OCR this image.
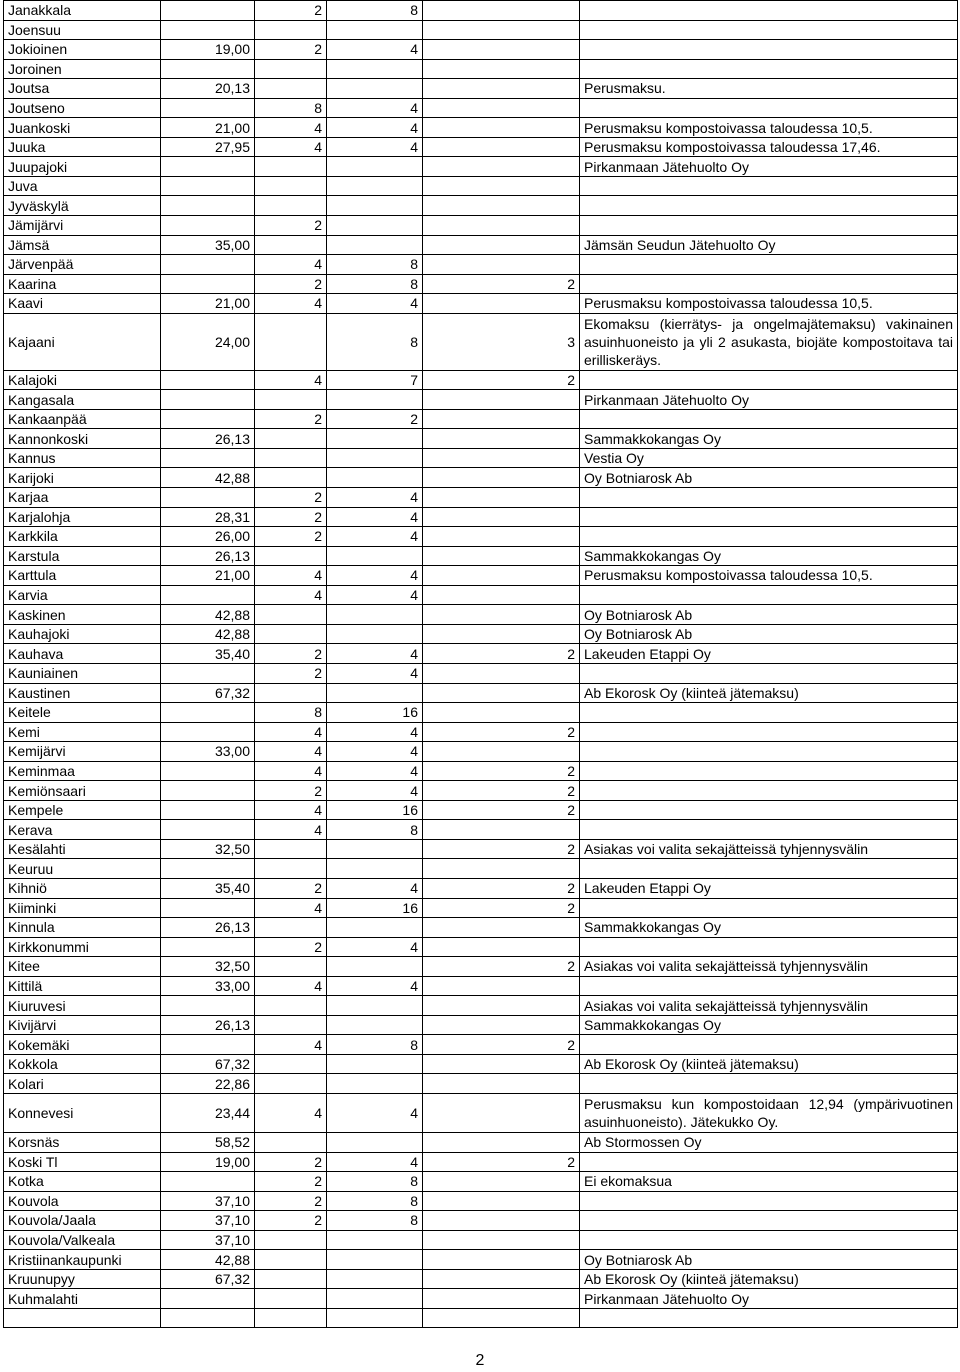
Janakkala		2	8		
Joensuu					
Jokioinen	19,00	2	4		
Joroinen					
Joutsa	20,13				Perusmaksu.
Joutseno		8	4		
Juankoski	21,00	4	4		Perusmaksu kompostoivassa taloudessa 10,5.
Juuka	27,95	4	4		Perusmaksu kompostoivassa taloudessa 17,46.
Juupajoki					Pirkanmaan Jätehuolto Oy
Juva					
Jyväskylä					
Jämijärvi		2			
Jämsä	35,00				Jämsän Seudun Jätehuolto Oy
Järvenpää		4	8		
Kaarina		2	8	2	
Kaavi	21,00	4	4		Perusmaksu kompostoivassa taloudessa 10,5.
Kajaani	24,00		8	3	Ekomaksu (kierrätys- ja ongelmajätemaksu) vakinainen asuinhuoneisto ja yli 2 asukasta, biojäte kompostoitava tai erilliskeräys.
Kalajoki		4	7	2	
Kangasala					Pirkanmaan Jätehuolto Oy
Kankaanpää		2	2		
Kannonkoski	26,13				Sammakkokangas Oy
Kannus					Vestia Oy
Karijoki	42,88				Oy Botniarosk Ab
Karjaa		2	4		
Karjalohja	28,31	2	4		
Karkkila	26,00	2	4		
Karstula	26,13				Sammakkokangas Oy
Karttula	21,00	4	4		Perusmaksu kompostoivassa taloudessa 10,5.
Karvia		4	4		
Kaskinen	42,88				Oy Botniarosk Ab
Kauhajoki	42,88				Oy Botniarosk Ab
Kauhava	35,40	2	4	2	Lakeuden Etappi Oy
Kauniainen		2	4		
Kaustinen	67,32				Ab Ekorosk Oy (kiinteä jätemaksu)
Keitele		8	16		
Kemi		4	4	2	
Kemijärvi	33,00	4	4		
Keminmaa		4	4	2	
Kemiönsaari		2	4	2	
Kempele		4	16	2	
Kerava		4	8		
Kesälahti	32,50			2	Asiakas voi valita sekajätteissä tyhjennysvälin
Keuruu					
Kihniö	35,40	2	4	2	Lakeuden Etappi Oy
Kiiminki		4	16	2	
Kinnula	26,13				Sammakkokangas Oy
Kirkkonummi		2	4		
Kitee	32,50			2	Asiakas voi valita sekajätteissä tyhjennysvälin
Kittilä	33,00	4	4		
Kiuruvesi					Asiakas voi valita sekajätteissä tyhjennysvälin
Kivijärvi	26,13				Sammakkokangas Oy
Kokemäki		4	8	2	
Kokkola	67,32				Ab Ekorosk Oy (kiinteä jätemaksu)
Kolari	22,86				
Konnevesi	23,44	4	4		Perusmaksu kun kompostoidaan 12,94 (ympärivuotinen asuinhuoneisto). Jätekukko Oy.
Korsnäs	58,52				Ab Stormossen Oy
Koski Tl	19,00	2	4	2	
Kotka		2	8		Ei ekomaksua
Kouvola	37,10	2	8		
Kouvola/Jaala	37,10	2	8		
Kouvola/Valkeala	37,10				
Kristiinankaupunki	42,88				Oy Botniarosk Ab
Kruunupyy	67,32				Ab Ekorosk Oy (kiinteä jätemaksu)
Kuhmalahti					Pirkanmaan Jätehuolto Oy

2
